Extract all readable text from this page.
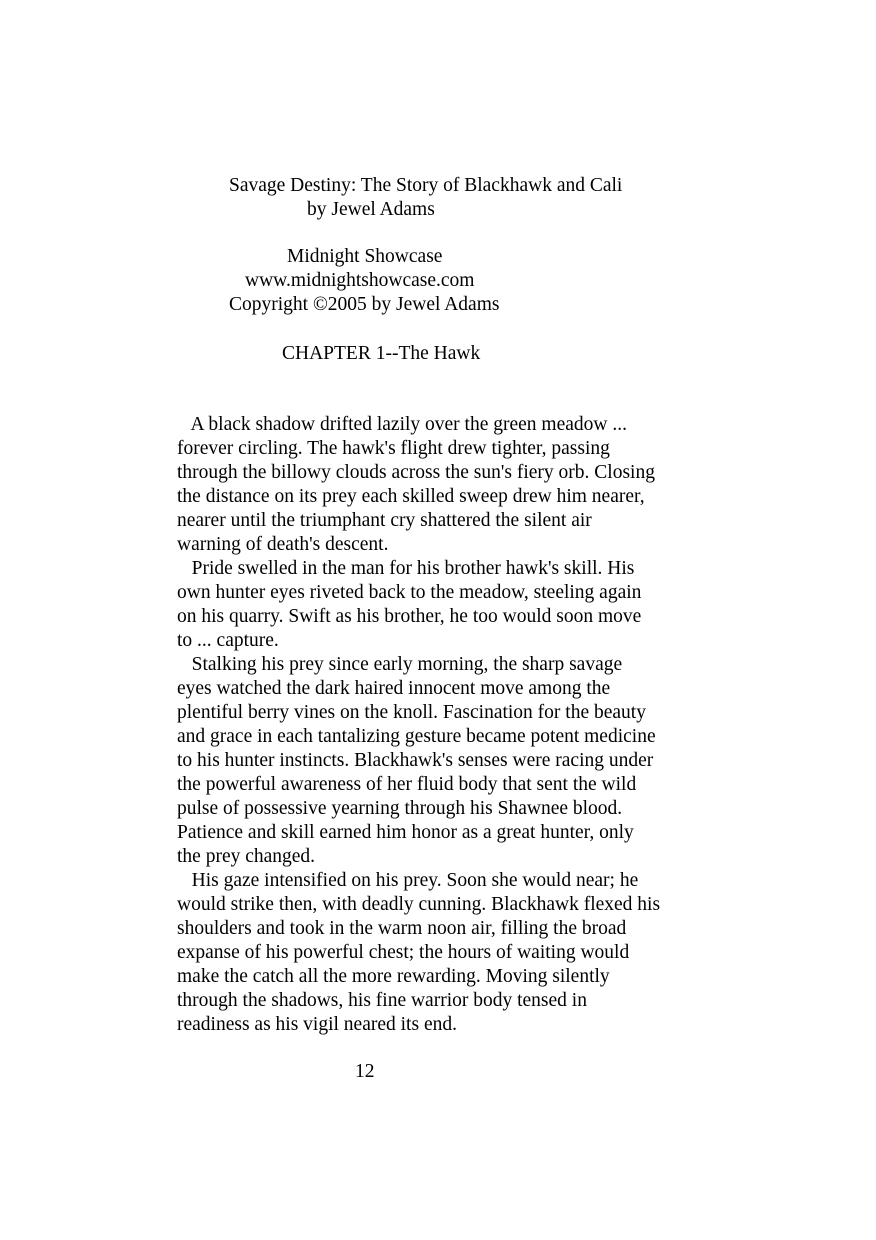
Savage Destiny: The Story of Blackhawk and Cali
by Jewel Adams
Midnight Showcase
www.midnightshowcase.com
Copyright ©2005 by Jewel Adams
CHAPTER 1--The Hawk
A black shadow drifted lazily over the green meadow ...
forever circling. The hawk's flight drew tighter, passing
through the billowy clouds across the sun's fiery orb. Closing
the distance on its prey each skilled sweep drew him nearer,
nearer until the triumphant cry shattered the silent air
warning of death's descent.
Pride swelled in the man for his brother hawk's skill. His
own hunter eyes riveted back to the meadow, steeling again
on his quarry. Swift as his brother, he too would soon move
to ... capture.
Stalking his prey since early morning, the sharp savage
eyes watched the dark haired innocent move among the
plentiful berry vines on the knoll. Fascination for the beauty
and grace in each tantalizing gesture became potent medicine
to his hunter instincts. Blackhawk's senses were racing under
the powerful awareness of her fluid body that sent the wild
pulse of possessive yearning through his Shawnee blood.
Patience and skill earned him honor as a great hunter, only
the prey changed.
His gaze intensified on his prey. Soon she would near; he
would strike then, with deadly cunning. Blackhawk flexed his
shoulders and took in the warm noon air, filling the broad
expanse of his powerful chest; the hours of waiting would
make the catch all the more rewarding. Moving silently
through the shadows, his fine warrior body tensed in
readiness as his vigil neared its end.
12
